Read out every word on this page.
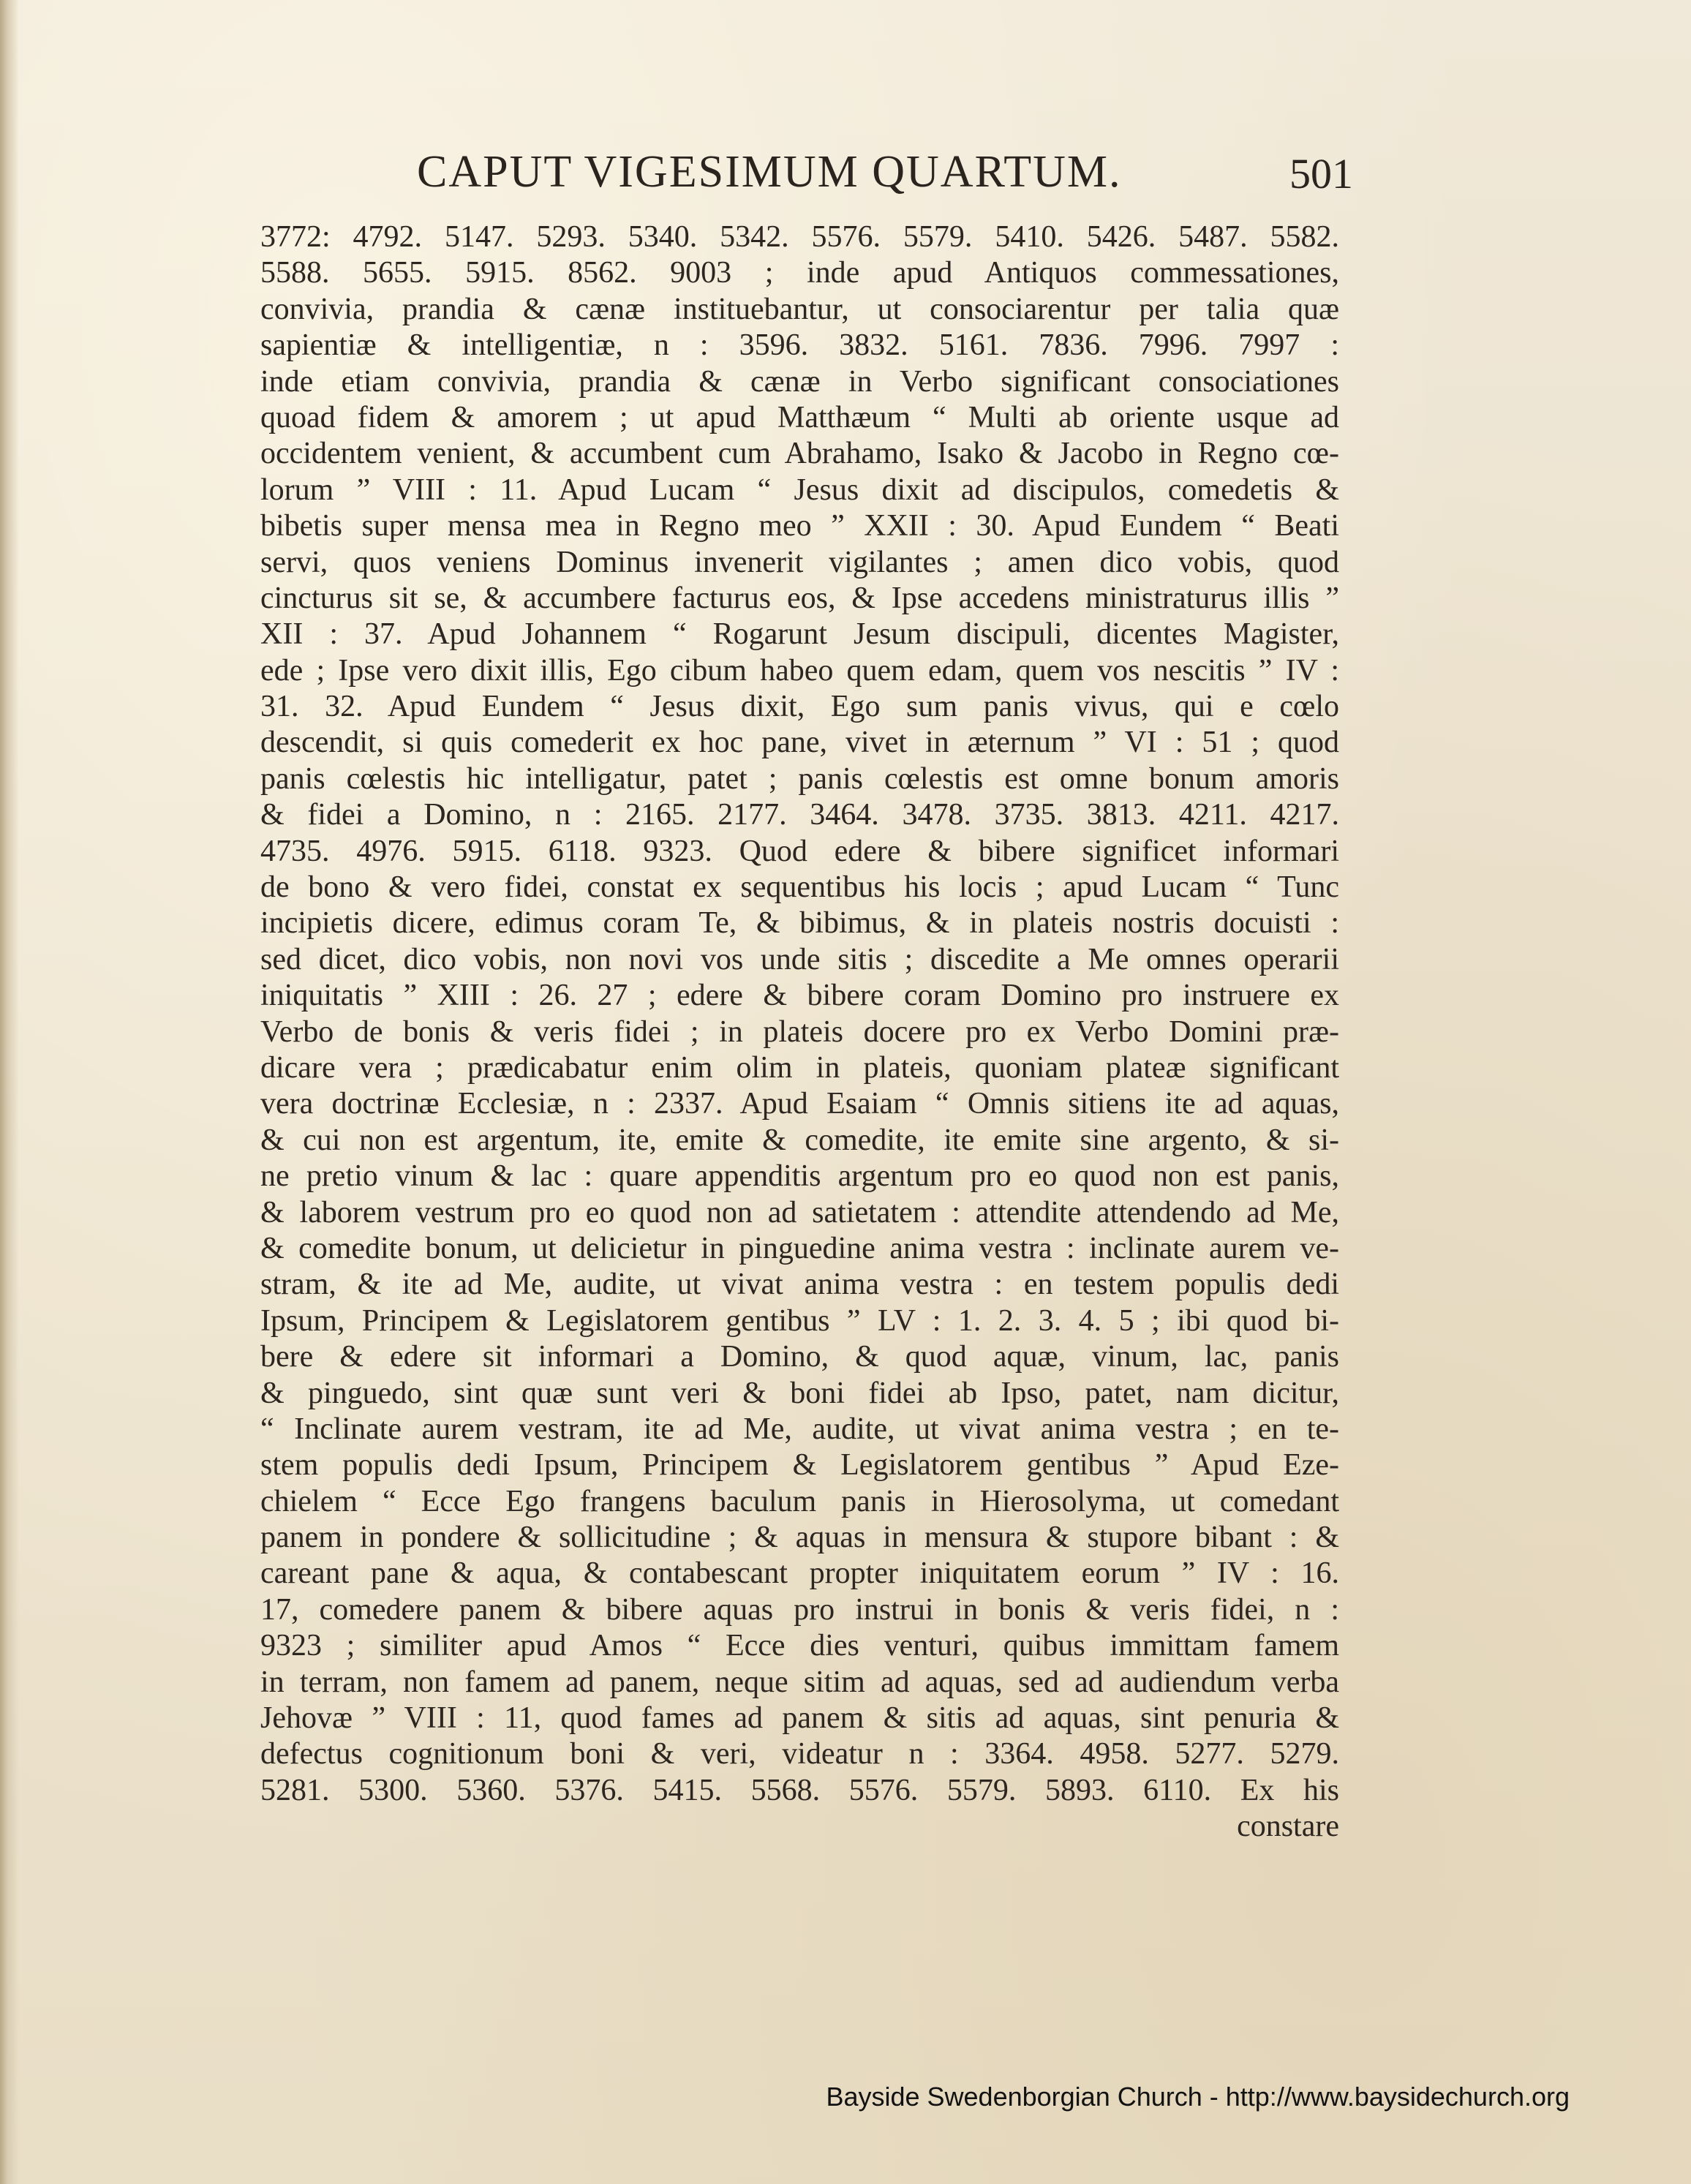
CAPUT VIGESIMUM QUARTUM.	501
3772: 4792. 5147. 5293. 5340. 5342. 5576. 5579. 5410. 5426. 5487. 5582.
5588. 5655. 5915. 8562. 9003 ; inde apud Antiquos commessationes,
convivia, prandia & cænæ instituebantur, ut consociarentur per talia quæ
sapientiæ & intelligentiæ, n : 3596. 3832. 5161. 7836. 7996. 7997 :
inde etiam convivia, prandia & cænæ in Verbo significant consociationes
quoad fidem & amorem ; ut apud Matthæum “ Multi ab oriente usque ad
occidentem venient, & accumbent cum Abrahamo, Isako & Jacobo in Regno cœ-
lorum ” VIII : 11. Apud Lucam “ Jesus dixit ad discipulos, comedetis &
bibetis super mensa mea in Regno meo ” XXII : 30. Apud Eundem “ Beati
servi, quos veniens Dominus invenerit vigilantes ; amen dico vobis, quod
cincturus sit se, & accumbere facturus eos, & Ipse accedens ministraturus illis ”
XII : 37. Apud Johannem “ Rogarunt Jesum discipuli, dicentes Magister,
ede ; Ipse vero dixit illis, Ego cibum habeo quem edam, quem vos nescitis ” IV :
31. 32. Apud Eundem “ Jesus dixit, Ego sum panis vivus, qui e cœlo
descendit, si quis comederit ex hoc pane, vivet in æternum ” VI : 51 ; quod
panis cœlestis hic intelligatur, patet ; panis cœlestis est omne bonum amoris
& fidei a Domino, n : 2165. 2177. 3464. 3478. 3735. 3813. 4211. 4217.
4735. 4976. 5915. 6118. 9323. Quod edere & bibere significet informari
de bono & vero fidei, constat ex sequentibus his locis ; apud Lucam “ Tunc
incipietis dicere, edimus coram Te, & bibimus, & in plateis nostris docuisti :
sed dicet, dico vobis, non novi vos unde sitis ; discedite a Me omnes operarii
iniquitatis ” XIII : 26. 27 ; edere & bibere coram Domino pro instruere ex
Verbo de bonis & veris fidei ; in plateis docere pro ex Verbo Domini præ-
dicare vera ; prædicabatur enim olim in plateis, quoniam plateæ significant
vera doctrinæ Ecclesiæ, n : 2337. Apud Esaiam “ Omnis sitiens ite ad aquas,
& cui non est argentum, ite, emite & comedite, ite emite sine argento, & si-
ne pretio vinum & lac : quare appenditis argentum pro eo quod non est panis,
& laborem vestrum pro eo quod non ad satietatem : attendite attendendo ad Me,
& comedite bonum, ut delicietur in pinguedine anima vestra : inclinate aurem ve-
stram, & ite ad Me, audite, ut vivat anima vestra : en testem populis dedi
Ipsum, Principem & Legislatorem gentibus ” LV : 1. 2. 3. 4. 5 ; ibi quod bi-
bere & edere sit informari a Domino, & quod aquæ, vinum, lac, panis
& pinguedo, sint quæ sunt veri & boni fidei ab Ipso, patet, nam dicitur,
“ Inclinate aurem vestram, ite ad Me, audite, ut vivat anima vestra ; en te-
stem populis dedi Ipsum, Principem & Legislatorem gentibus ” Apud Eze-
chielem “ Ecce Ego frangens baculum panis in Hierosolyma, ut comedant
panem in pondere & sollicitudine ; & aquas in mensura & stupore bibant : &
careant pane & aqua, & contabescant propter iniquitatem eorum ” IV : 16.
17, comedere panem & bibere aquas pro instrui in bonis & veris fidei, n :
9323 ; similiter apud Amos “ Ecce dies venturi, quibus immittam famem
in terram, non famem ad panem, neque sitim ad aquas, sed ad audiendum verba
Jehovæ ” VIII : 11, quod fames ad panem & sitis ad aquas, sint penuria &
defectus cognitionum boni & veri, videatur n : 3364. 4958. 5277. 5279.
5281. 5300. 5360. 5376. 5415. 5568. 5576. 5579. 5893. 6110. Ex his
constare
Bayside Swedenborgian Church - http://www.baysidechurch.org
